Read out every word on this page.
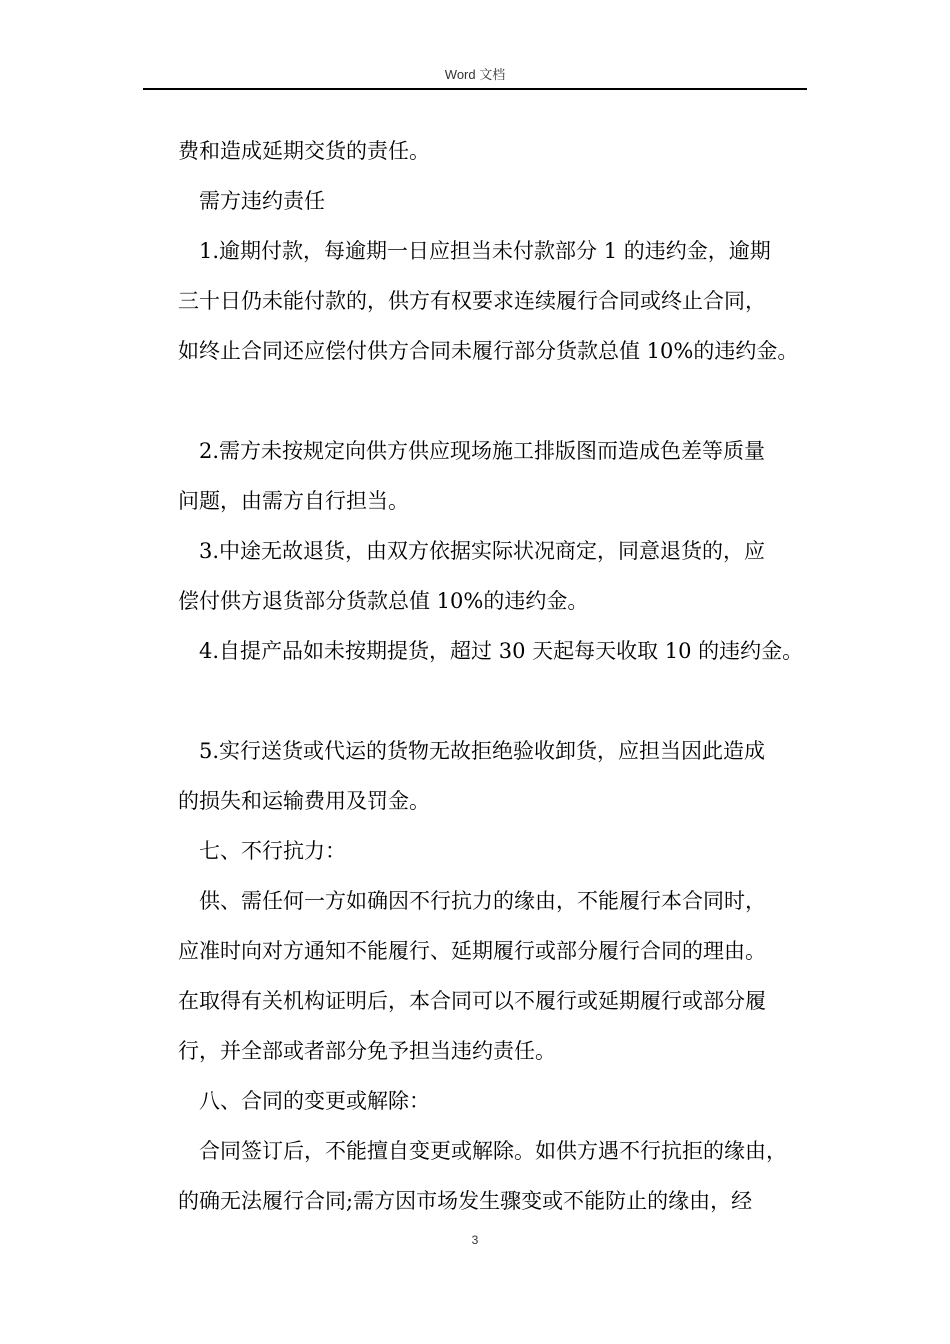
Word 文档
费和造成延期交货的责任。
需方违约责任
1.逾期付款，每逾期一日应担当未付款部分 1 的违约金，逾期
三十日仍未能付款的，供方有权要求连续履行合同或终止合同，
如终止合同还应偿付供方合同未履行部分货款总值 10%的违约金。
2.需方未按规定向供方供应现场施工排版图而造成色差等质量
问题，由需方自行担当。
3.中途无故退货，由双方依据实际状况商定，同意退货的，应
偿付供方退货部分货款总值 10%的违约金。
4.自提产品如未按期提货，超过 30 天起每天收取 10 的违约金。
5.实行送货或代运的货物无故拒绝验收卸货，应担当因此造成
的损失和运输费用及罚金。
七、不行抗力：
供、需任何一方如确因不行抗力的缘由，不能履行本合同时，
应准时向对方通知不能履行、延期履行或部分履行合同的理由。
在取得有关机构证明后，本合同可以不履行或延期履行或部分履
行，并全部或者部分免予担当违约责任。
八、合同的变更或解除：
合同签订后，不能擅自变更或解除。如供方遇不行抗拒的缘由，
的确无法履行合同;需方因市场发生骤变或不能防止的缘由，经
3
